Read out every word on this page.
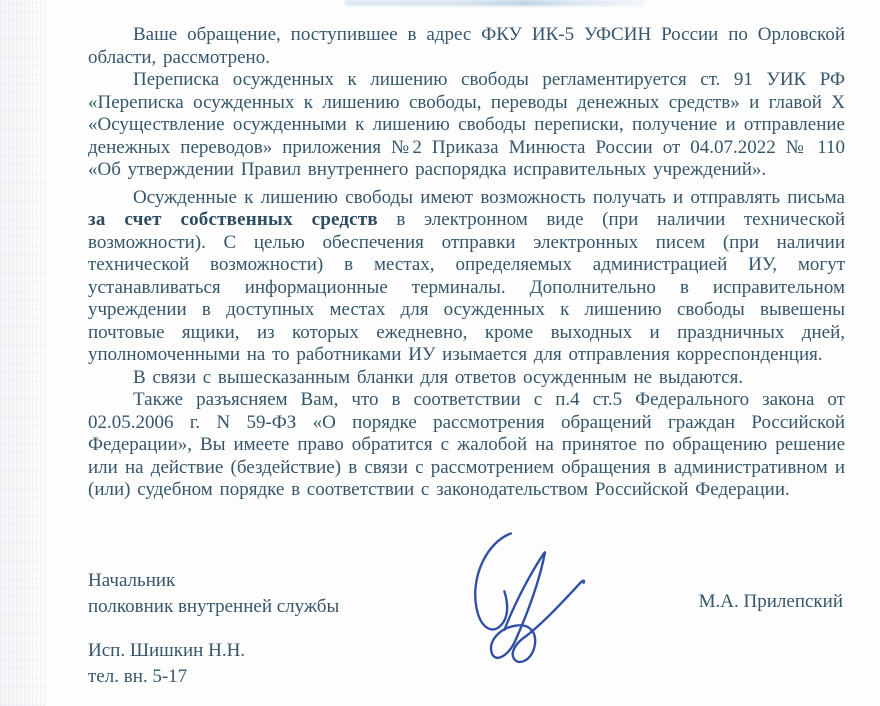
Ваше обращение, поступившее в адрес ФКУ ИК-5 УФСИН России по Орловской области, рассмотрено.

Переписка осужденных к лишению свободы регламентируется ст. 91 УИК РФ «Переписка осужденных к лишению свободы, переводы денежных средств» и главой X «Осуществление осужденными к лишению свободы переписки, получение и отправление денежных переводов» приложения №2 Приказа Минюста России от 04.07.2022 № 110 «Об утверждении Правил внутреннего распорядка исправительных учреждений».

Осужденные к лишению свободы имеют возможность получать и отправлять письма за счет собственных средств в электронном виде (при наличии технической возможности). С целью обеспечения отправки электронных писем (при наличии технической возможности) в местах, определяемых администрацией ИУ, могут устанавливаться информационные терминалы. Дополнительно в исправительном учреждении в доступных местах для осужденных к лишению свободы вывешены почтовые ящики, из которых ежедневно, кроме выходных и праздничных дней, уполномоченными на то работниками ИУ изымается для отправления корреспонденция.

В связи с вышесказанным бланки для ответов осужденным не выдаются.

Также разъясняем Вам, что в соответствии с п.4 ст.5 Федерального закона от 02.05.2006 г. N 59-ФЗ «О порядке рассмотрения обращений граждан Российской Федерации», Вы имеете право обратится с жалобой на принятое по обращению решение или на действие (бездействие) в связи с рассмотрением обращения в административном и (или) судебном порядке в соответствии с законодательством Российской Федерации.

Начальник
полковник внутренней службы	М.А. Прилепский
Исп. Шишкин Н.Н.
тел. вн. 5-17
